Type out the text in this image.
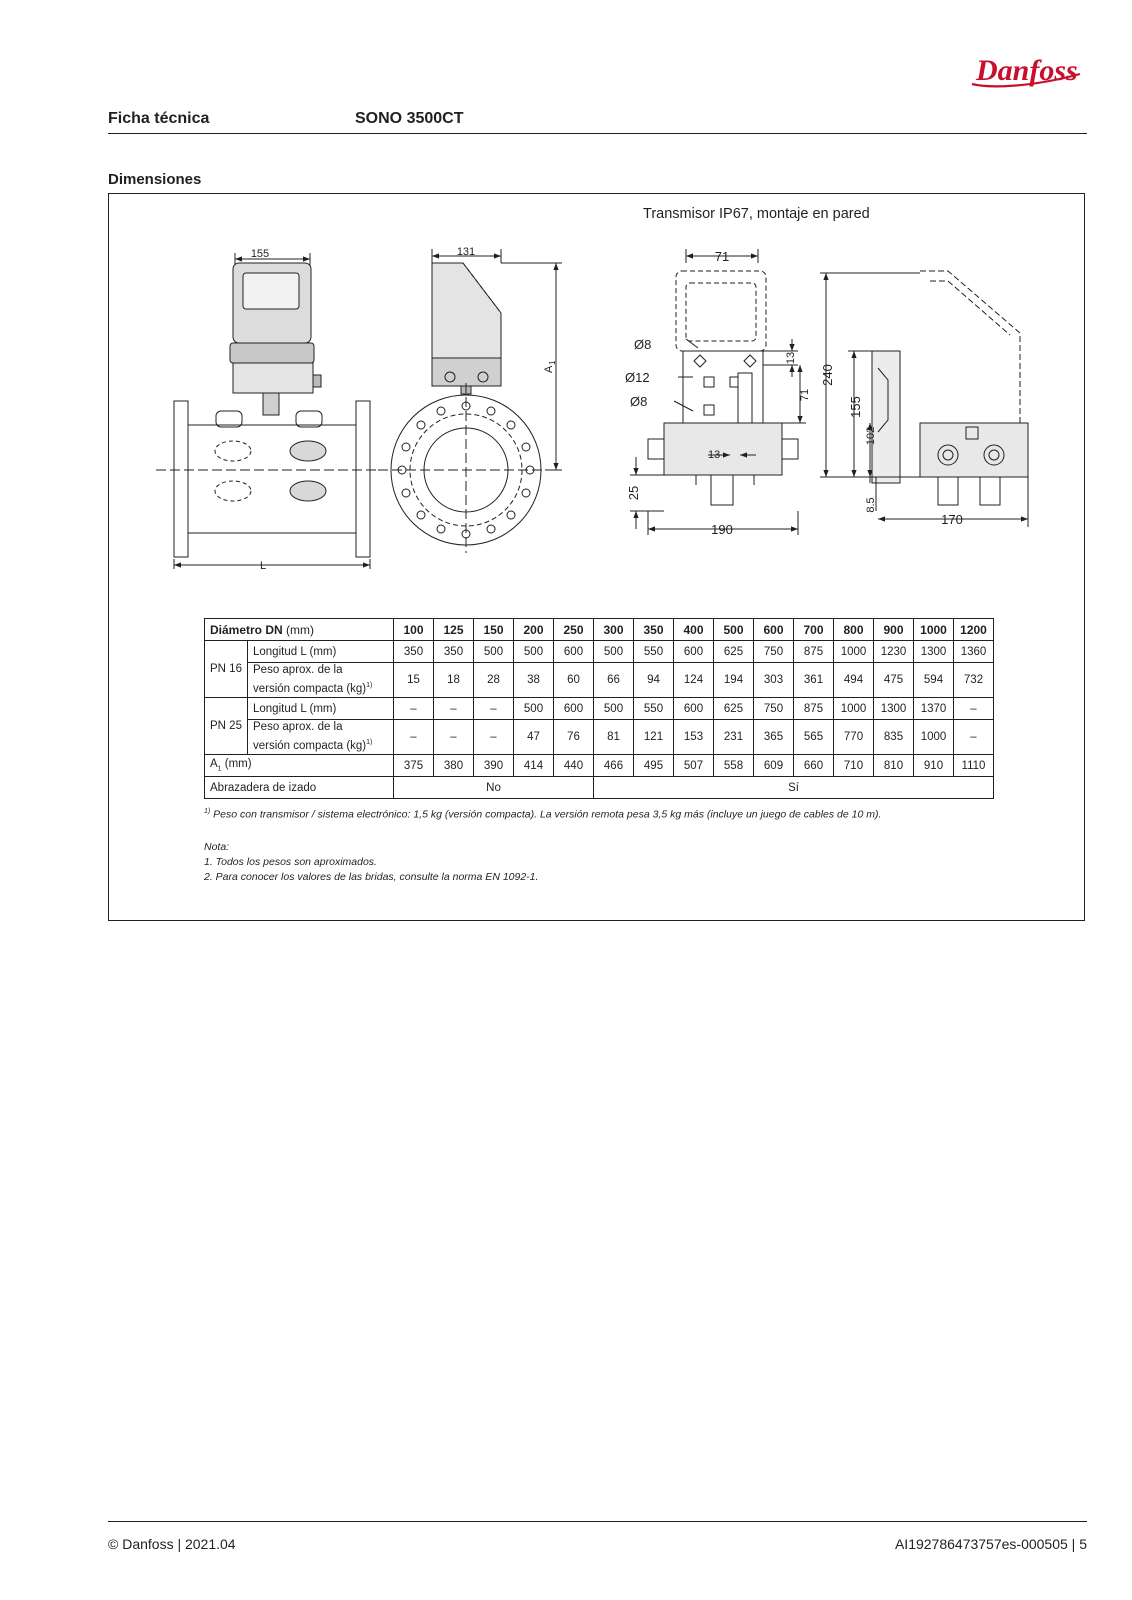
Danfoss
Ficha técnica	SONO 3500CT
Dimensiones
Transmisor IP67, montaje en pared
155
L
131
A
1
71
Ø8
Ø12
Ø8
13
190
13
71
25
240
155
102
8.5
170
Diámetro DN (mm)		100	125	150	200	250	300	350	400	500	600	700	800	900	1000	1200
PN 16	Longitud L (mm)	350	350	500	500	600	500	550	600	625	750	875	1000	1230	1300	1360
	Peso aprox. de la
versión compacta (kg)$^{1)}$	15	18	28	38	60	66	94	124	194	303	361	494	475	594	732
PN 25	Longitud L (mm)	–	–	–	500	600	500	550	600	625	750	875	1000	1300	1370	–
	Peso aprox. de la
versión compacta (kg)$^{1)}$	–	–	–	47	76	81	121	153	231	365	565	770	835	1000	–
$A_1$ (mm)		375	380	390	414	440	466	495	507	558	609	660	710	810	910	1110
Abrazadera de izado		No					Sí									
$^{1)}$ Peso con transmisor / sistema electrónico: 1,5 kg (versión compacta). La versión remota pesa 3,5 kg más (incluye un juego de cables de 10 m).
Nota:
1. Todos los pesos son aproximados.
2. Para conocer los valores de las bridas, consulte la norma EN 1092-1.
© Danfoss | 2021.04	AI192786473757es-000505 | 5
